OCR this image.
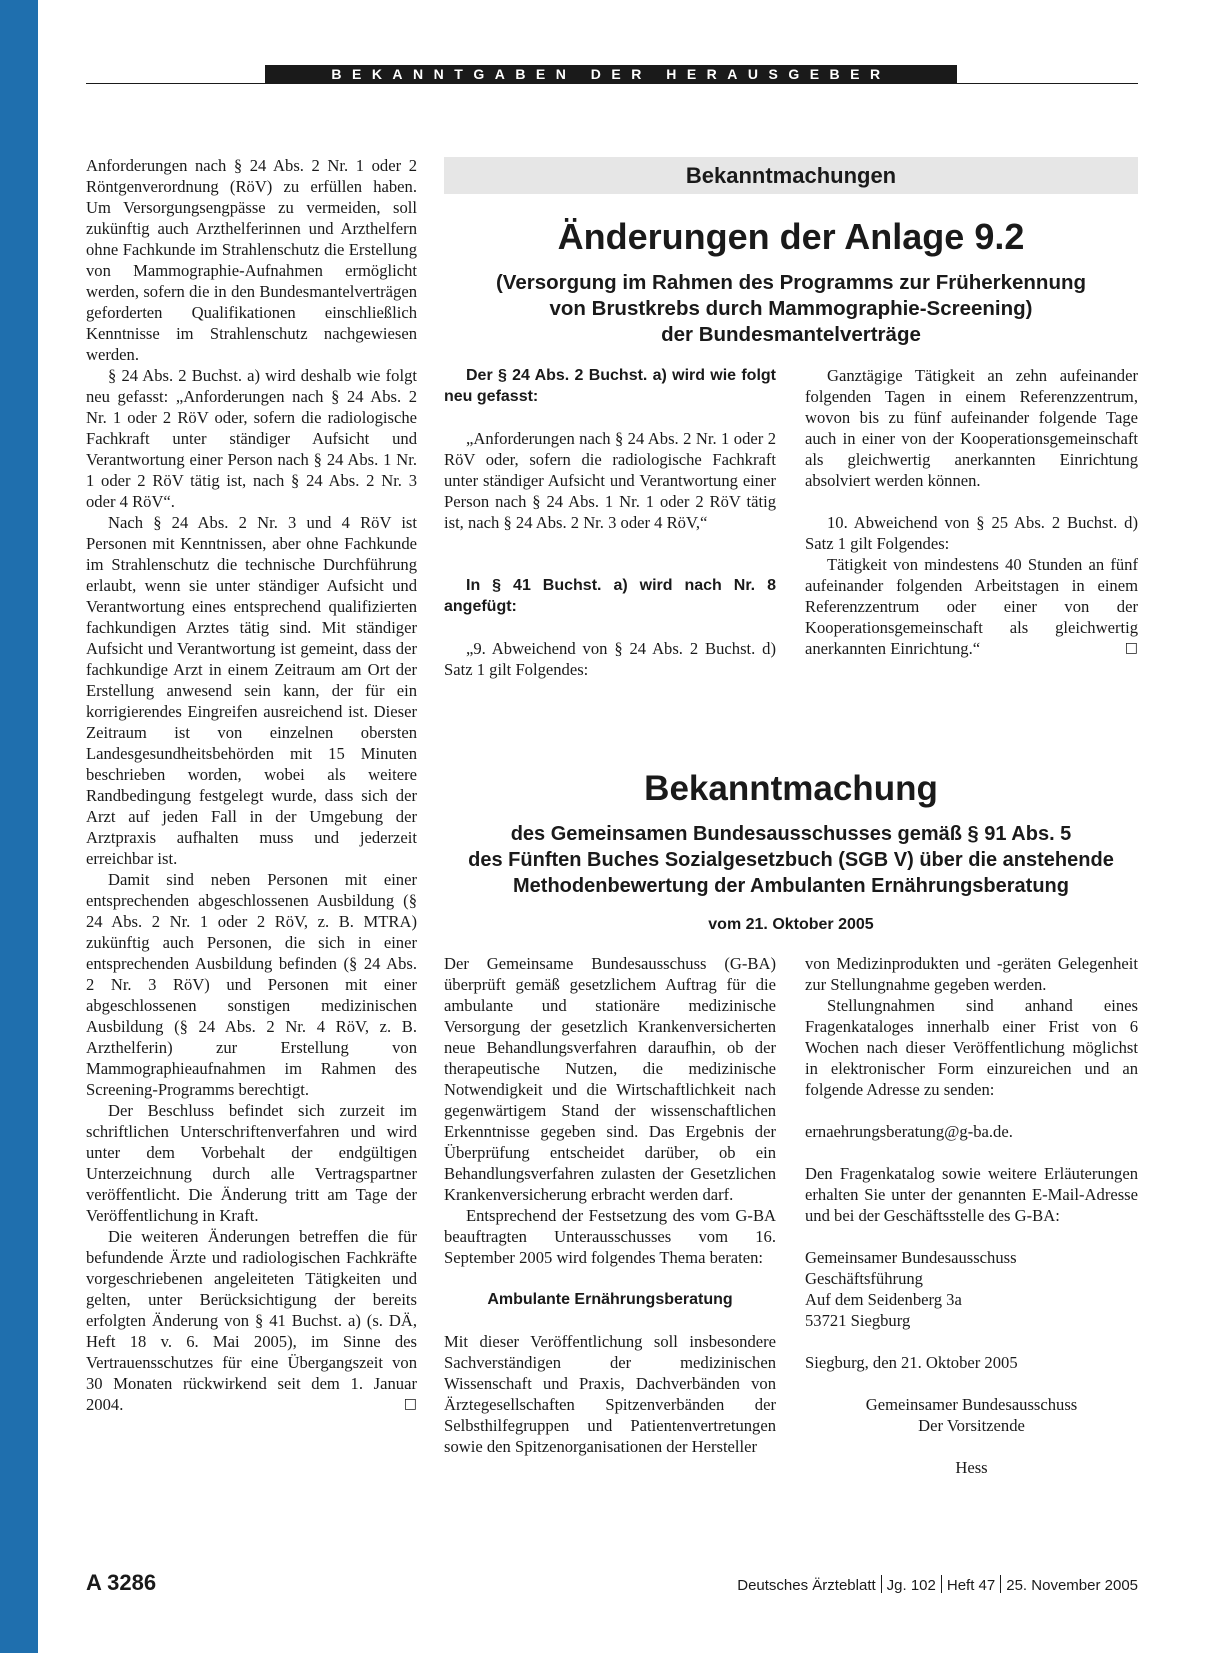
BEKANNTGABEN DER HERAUSGEBER

Anforderungen nach § 24 Abs. 2 Nr. 1 oder 2 Röntgenverordnung (RöV) zu erfüllen haben. Um Versorgungsengpässe zu vermeiden, soll zukünftig auch Arzthelferinnen und Arzthelfern ohne Fachkunde im Strahlenschutz die Erstellung von Mammographie-Aufnahmen ermöglicht werden, sofern die in den Bundesmantelverträgen geforderten Qualifikationen einschließlich Kenntnisse im Strahlenschutz nachgewiesen werden.

§ 24 Abs. 2 Buchst. a) wird deshalb wie folgt neu gefasst: „Anforderungen nach § 24 Abs. 2 Nr. 1 oder 2 RöV oder, sofern die radiologische Fachkraft unter ständiger Aufsicht und Verantwortung einer Person nach § 24 Abs. 1 Nr. 1 oder 2 RöV tätig ist, nach § 24 Abs. 2 Nr. 3 oder 4 RöV“.

Nach § 24 Abs. 2 Nr. 3 und 4 RöV ist Personen mit Kenntnissen, aber ohne Fachkunde im Strahlenschutz die technische Durchführung erlaubt, wenn sie unter ständiger Aufsicht und Verantwortung eines entsprechend qualifizierten fachkundigen Arztes tätig sind. Mit ständiger Aufsicht und Verantwortung ist gemeint, dass der fachkundige Arzt in einem Zeitraum am Ort der Erstellung anwesend sein kann, der für ein korrigierendes Eingreifen ausreichend ist. Dieser Zeitraum ist von einzelnen obersten Landesgesundheitsbehörden mit 15 Minuten beschrieben worden, wobei als weitere Randbedingung festgelegt wurde, dass sich der Arzt auf jeden Fall in der Umgebung der Arztpraxis aufhalten muss und jederzeit erreichbar ist.

Damit sind neben Personen mit einer entsprechenden abgeschlossenen Ausbildung (§ 24 Abs. 2 Nr. 1 oder 2 RöV, z. B. MTRA) zukünftig auch Personen, die sich in einer entsprechenden Ausbildung befinden (§ 24 Abs. 2 Nr. 3 RöV) und Personen mit einer abgeschlossenen sonstigen medizinischen Ausbildung (§ 24 Abs. 2 Nr. 4 RöV, z. B. Arzthelferin) zur Erstellung von Mammographieaufnahmen im Rahmen des Screening-Programms berechtigt.

Der Beschluss befindet sich zurzeit im schriftlichen Unterschriftenverfahren und wird unter dem Vorbehalt der endgültigen Unterzeichnung durch alle Vertragspartner veröffentlicht. Die Änderung tritt am Tage der Veröffentlichung in Kraft.

Die weiteren Änderungen betreffen die für befundende Ärzte und radiologischen Fachkräfte vorgeschriebenen angeleiteten Tätigkeiten und gelten, unter Berücksichtigung der bereits erfolgten Änderung von § 41 Buchst. a) (s. DÄ, Heft 18 v. 6. Mai 2005), im Sinne des Vertrauensschutzes für eine Übergangszeit von 30 Monaten rückwirkend seit dem 1. Januar 2004.	□

Bekanntmachungen
Änderungen der Anlage 9.2
(Versorgung im Rahmen des Programms zur Früherkennung
von Brustkrebs durch Mammographie-Screening)
der Bundesmantelverträge

Der § 24 Abs. 2 Buchst. a) wird wie folgt neu gefasst:

„Anforderungen nach § 24 Abs. 2 Nr. 1 oder 2 RöV oder, sofern die radiologische Fachkraft unter ständiger Aufsicht und Verantwortung einer Person nach § 24 Abs. 1 Nr. 1 oder 2 RöV tätig ist, nach § 24 Abs. 2 Nr. 3 oder 4 RöV,“

In § 41 Buchst. a) wird nach Nr. 8 angefügt:

„9. Abweichend von § 24 Abs. 2 Buchst. d) Satz 1 gilt Folgendes:

Ganztägige Tätigkeit an zehn aufeinander folgenden Tagen in einem Referenzzentrum, wovon bis zu fünf aufeinander folgende Tage auch in einer von der Kooperationsgemeinschaft als gleichwertig anerkannten Einrichtung absolviert werden können.

10. Abweichend von § 25 Abs. 2 Buchst. d) Satz 1 gilt Folgendes:

Tätigkeit von mindestens 40 Stunden an fünf aufeinander folgenden Arbeitstagen in einem Referenzzentrum oder einer von der Kooperationsgemeinschaft als gleichwertig anerkannten Einrichtung.“	□

Bekanntmachung
des Gemeinsamen Bundesausschusses gemäß § 91 Abs. 5
des Fünften Buches Sozialgesetzbuch (SGB V) über die anstehende
Methodenbewertung der Ambulanten Ernährungsberatung
vom 21. Oktober 2005

Der Gemeinsame Bundesausschuss (G-BA) überprüft gemäß gesetzlichem Auftrag für die ambulante und stationäre medizinische Versorgung der gesetzlich Krankenversicherten neue Behandlungsverfahren daraufhin, ob der therapeutische Nutzen, die medizinische Notwendigkeit und die Wirtschaftlichkeit nach gegenwärtigem Stand der wissenschaftlichen Erkenntnisse gegeben sind. Das Ergebnis der Überprüfung entscheidet darüber, ob ein Behandlungsverfahren zulasten der Gesetzlichen Krankenversicherung erbracht werden darf.

Entsprechend der Festsetzung des vom G-BA beauftragten Unterausschusses vom 16. September 2005 wird folgendes Thema beraten:

Ambulante Ernährungsberatung

Mit dieser Veröffentlichung soll insbesondere Sachverständigen der medizinischen Wissenschaft und Praxis, Dachverbänden von Ärztegesellschaften Spitzenverbänden der Selbsthilfegruppen und Patientenvertretungen sowie den Spitzenorganisationen der Hersteller

von Medizinprodukten und -geräten Gelegenheit zur Stellungnahme gegeben werden.

Stellungnahmen sind anhand eines Fragenkataloges innerhalb einer Frist von 6 Wochen nach dieser Veröffentlichung möglichst in elektronischer Form einzureichen und an folgende Adresse zu senden:

ernaehrungsberatung@g-ba.de.

Den Fragenkatalog sowie weitere Erläuterungen erhalten Sie unter der genannten E-Mail-Adresse und bei der Geschäftsstelle des G-BA:

Gemeinsamer Bundesausschuss

Geschäftsführung

Auf dem Seidenberg 3a

53721 Siegburg

Siegburg, den 21. Oktober 2005

Gemeinsamer Bundesausschuss

Der Vorsitzende

Hess

A 3286	Deutsches Ärzteblatt Jg. 102 Heft 47 25. November 2005
